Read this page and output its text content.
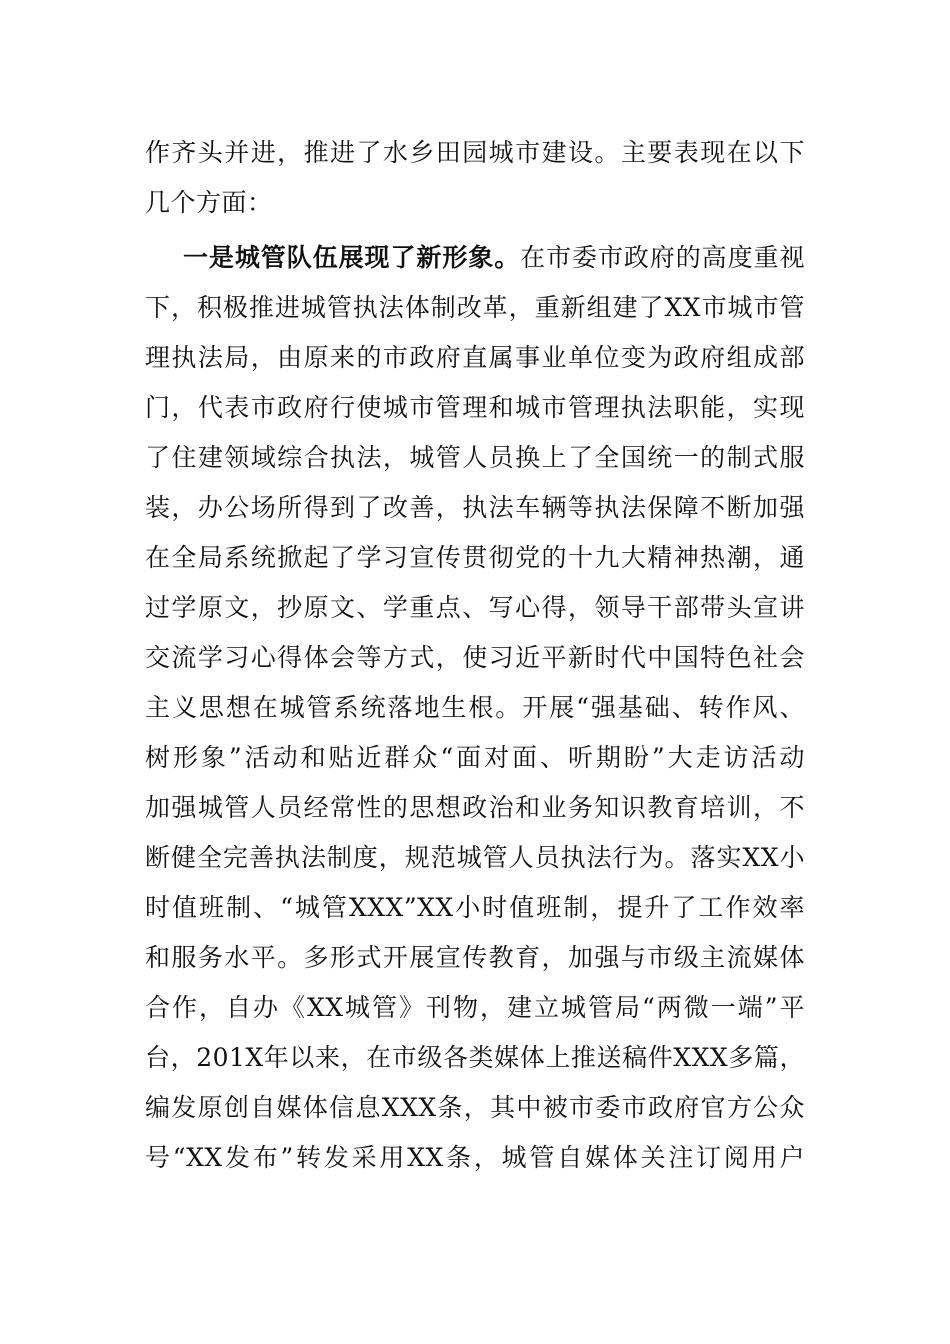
作齐头并进，推进了水乡田园城市建设。主要表现在以下
几个方面：
一是城管队伍展现了新形象。在市委市政府的高度重视
下，积极推进城管执法体制改革，重新组建了XX市城市管
理执法局，由原来的市政府直属事业单位变为政府组成部
门，代表市政府行使城市管理和城市管理执法职能，实现
了住建领域综合执法，城管人员换上了全国统一的制式服
装，办公场所得到了改善，执法车辆等执法保障不断加强
在全局系统掀起了学习宣传贯彻党的十九大精神热潮，通
过学原文，抄原文、学重点、写心得，领导干部带头宣讲
交流学习心得体会等方式，使习近平新时代中国特色社会
主义思想在城管系统落地生根。开展“强基础、转作风、
树形象”活动和贴近群众“面对面、听期盼”大走访活动
加强城管人员经常性的思想政治和业务知识教育培训，不
断健全完善执法制度，规范城管人员执法行为。落实XX小
时值班制、“城管XXX”XX小时值班制，提升了工作效率
和服务水平。多形式开展宣传教育，加强与市级主流媒体
合作，自办《XX城管》刊物，建立城管局“两微一端”平
台，201X年以来，在市级各类媒体上推送稿件XXX多篇，
编发原创自媒体信息XXX条，其中被市委市政府官方公众
号“XX发布”转发采用XX条，城管自媒体关注订阅用户
